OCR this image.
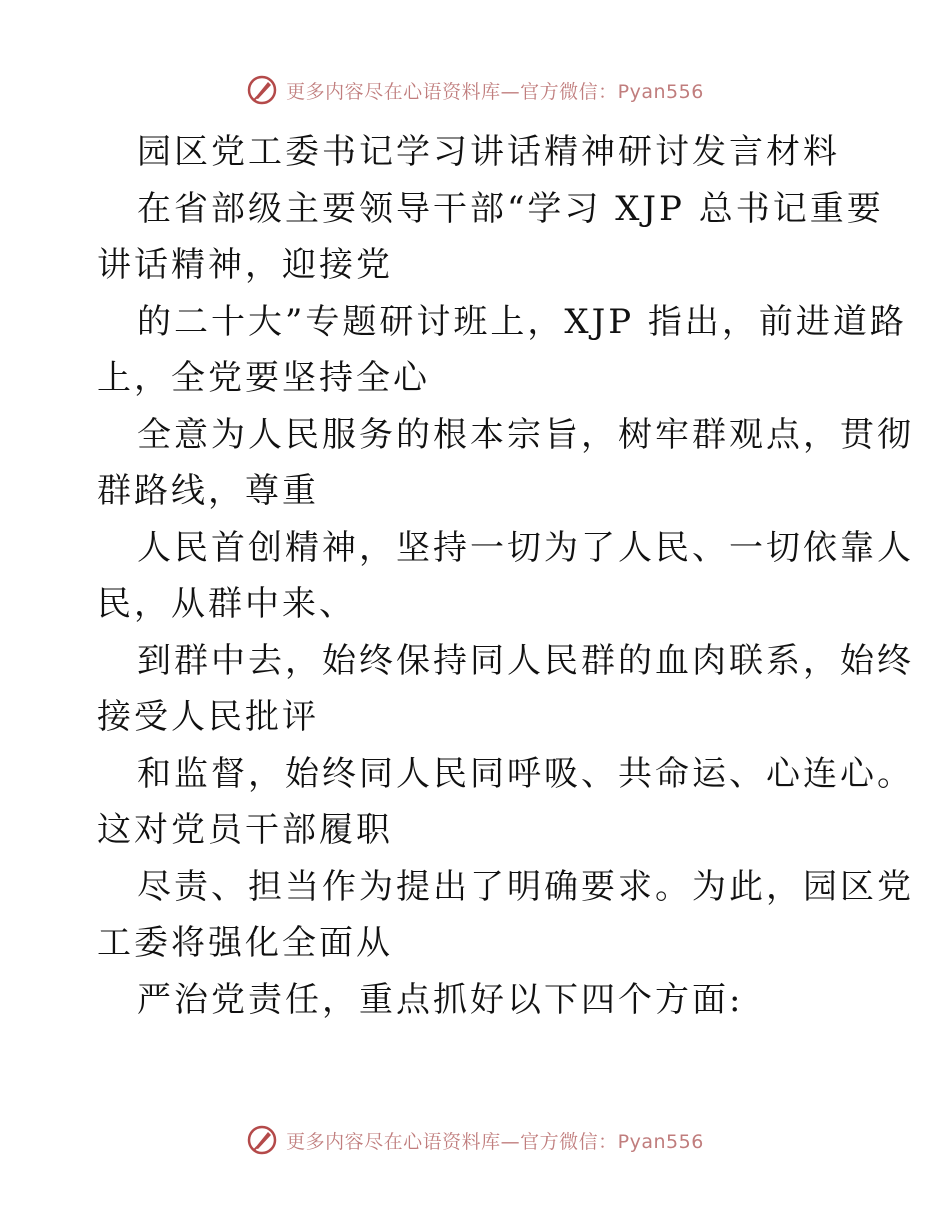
更多内容尽在心语资料库—官方微信：Pyan556
园区党工委书记学习讲话精神研讨发言材料
在省部级主要领导干部“学习 XJP 总书记重要
讲话精神，迎接党
的二十大”专题研讨班上，XJP 指出，前进道路
上，全党要坚持全心
全意为人民服务的根本宗旨，树牢群观点，贯彻
群路线，尊重
人民首创精神，坚持一切为了人民、一切依靠人
民，从群中来、
到群中去，始终保持同人民群的血肉联系，始终
接受人民批评
和监督，始终同人民同呼吸、共命运、心连心。
这对党员干部履职
尽责、担当作为提出了明确要求。为此，园区党
工委将强化全面从
严治党责任，重点抓好以下四个方面:
更多内容尽在心语资料库—官方微信：Pyan556
